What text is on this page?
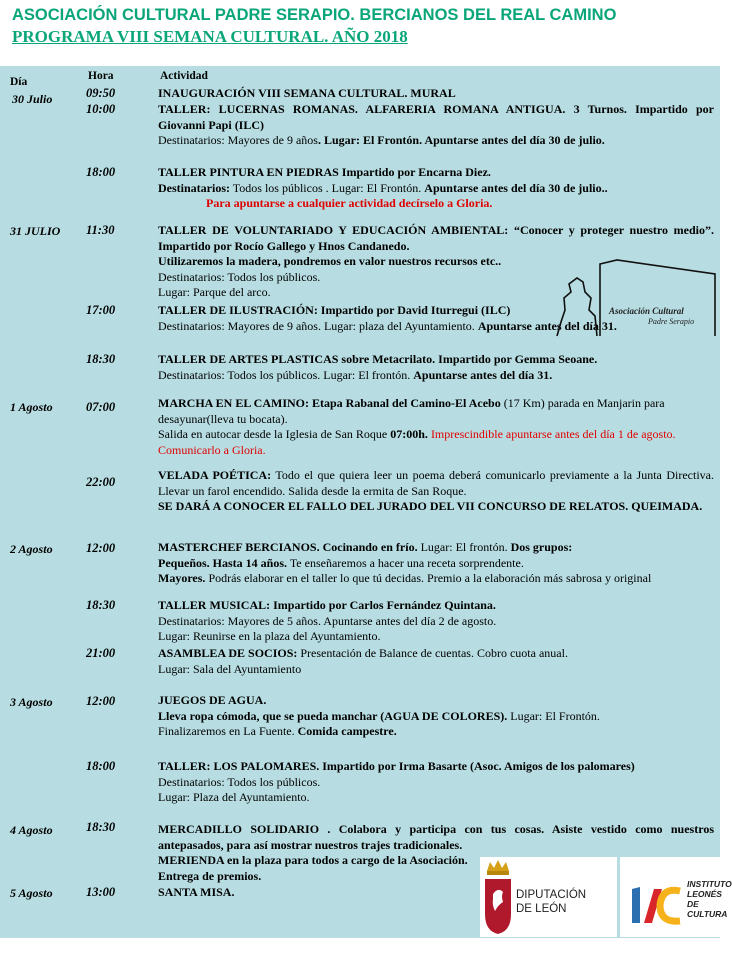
ASOCIACIÓN CULTURAL PADRE SERAPIO. BERCIANOS DEL REAL CAMINO
PROGRAMA VIII SEMANA CULTURAL. AÑO 2018
Día	Hora	Actividad
30 Julio
31 JULIO
1 Agosto
2 Agosto
3 Agosto
4 Agosto
5 Agosto
09:50
10:00
18:00
11:30
17:00
18:30
07:00
22:00
12:00
18:30
21:00
12:00
18:00
18:30
13:00

INAUGURACIÓN VIII SEMANA CULTURAL. MURAL

TALLER: LUCERNAS ROMANAS. ALFARERIA ROMANA ANTIGUA. 3 Turnos. Impartido por Giovanni Papi (ILC)

Destinatarios: Mayores de 9 años. Lugar: El Frontón. Apuntarse antes del día 30 de julio.

TALLER PINTURA EN PIEDRAS Impartido por Encarna Diez.

Destinatarios: Todos los públicos . Lugar: El Frontón. Apuntarse antes del día 30 de julio..

Para apuntarse a cualquier actividad decírselo a Gloria.

TALLER DE VOLUNTARIADO Y EDUCACIÓN AMBIENTAL: “Conocer y proteger nuestro medio”. Impartido por Rocío Gallego y Hnos Candanedo.

Utilizaremos la madera, pondremos en valor nuestros recursos etc..

Destinatarios: Todos los públicos.

Lugar: Parque del arco.

TALLER DE ILUSTRACIÓN: Impartido por David Iturregui (ILC)

Destinatarios: Mayores de 9 años. Lugar: plaza del Ayuntamiento. Apuntarse antes del día 31.

TALLER DE ARTES PLASTICAS sobre Metacrilato. Impartido por Gemma Seoane.

Destinatarios: Todos los públicos. Lugar: El frontón. Apuntarse antes del día 31.

MARCHA EN EL CAMINO: Etapa Rabanal del Camino-El Acebo (17 Km) parada en Manjarin para desayunar(lleva tu bocata).

Salida en autocar desde la Iglesia de San Roque 07:00h. Imprescindible apuntarse antes del día 1 de agosto. Comunicarlo a Gloria.

VELADA POÉTICA: Todo el que quiera leer un poema deberá comunicarlo previamente a la Junta Directiva. Llevar un farol encendido. Salida desde la ermita de San Roque.

SE DARÁ A CONOCER EL FALLO DEL JURADO DEL VII CONCURSO DE RELATOS. QUEIMADA.

MASTERCHEF BERCIANOS. Cocinando en frío. Lugar: El frontón. Dos grupos:

Pequeños. Hasta 14 años. Te enseñaremos a hacer una receta sorprendente.

Mayores. Podrás elaborar en el taller lo que tú decidas. Premio a la elaboración más sabrosa y original

TALLER MUSICAL: Impartido por Carlos Fernández Quintana.

Destinatarios: Mayores de 5 años. Apuntarse antes del día 2 de agosto.

Lugar: Reunirse en la plaza del Ayuntamiento.

ASAMBLEA DE SOCIOS: Presentación de Balance de cuentas. Cobro cuota anual.

Lugar: Sala del Ayuntamiento

JUEGOS DE AGUA.

Lleva ropa cómoda, que se pueda manchar (AGUA DE COLORES). Lugar: El Frontón.

Finalizaremos en La Fuente. Comida campestre.

TALLER: LOS PALOMARES. Impartido por Irma Basarte (Asoc. Amigos de los palomares)

Destinatarios: Todos los públicos.

Lugar: Plaza del Ayuntamiento.

MERCADILLO SOLIDARIO . Colabora y participa con tus cosas. Asiste vestido como nuestros antepasados, para así mostrar nuestros trajes tradicionales.

MERIENDA en la plaza para todos a cargo de la Asociación.

Entrega de premios.

SANTA MISA.

Asociación Cultural
Padre Serapio
DIPUTACIÓN
DE LEÓN
INSTITUTO
LEONÉS DE
CULTURA
